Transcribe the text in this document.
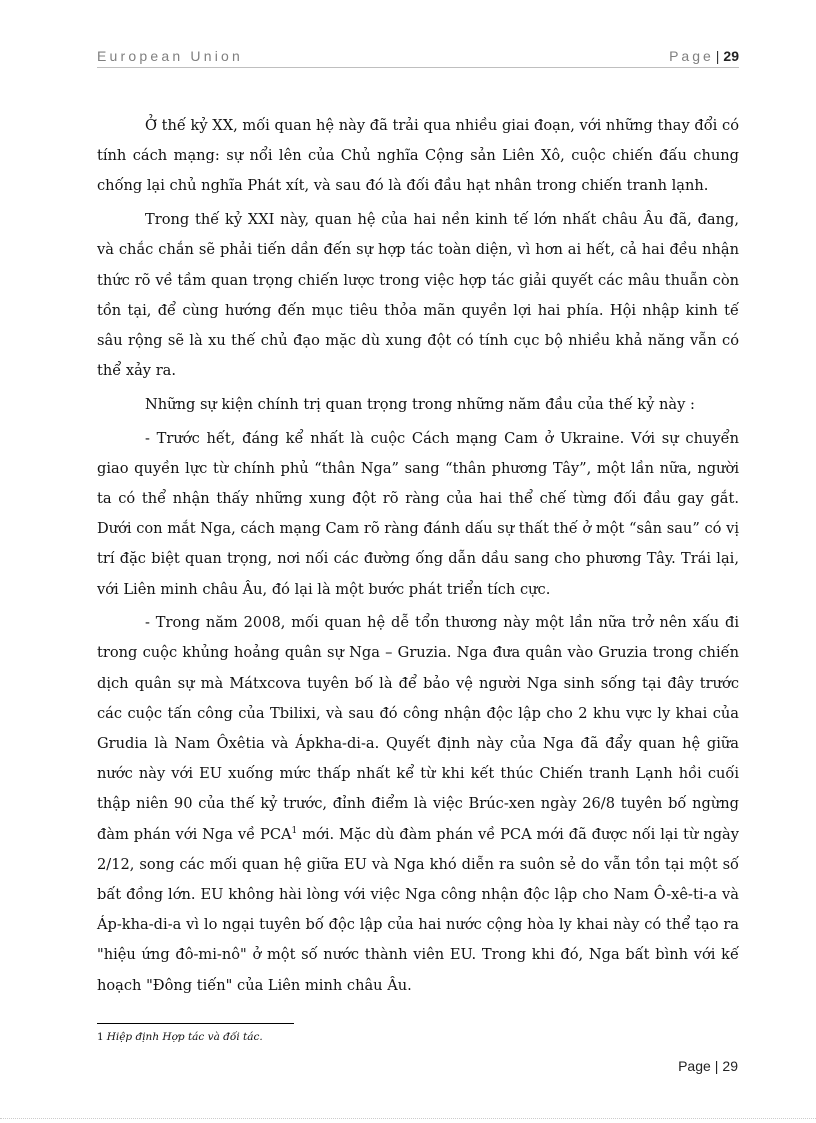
European Union	Page | 29

Ở thế kỷ XX, mối quan hệ này đã trải qua nhiều giai đoạn, với những thay đổi có tính cách mạng: sự nổi lên của Chủ nghĩa Cộng sản Liên Xô, cuộc chiến đấu chung chống lại chủ nghĩa Phát xít, và sau đó là đối đầu hạt nhân trong chiến tranh lạnh.

Trong thế kỷ XXI này, quan hệ của hai nền kinh tế lớn nhất châu Âu đã, đang, và chắc chắn sẽ phải tiến dần đến sự hợp tác toàn diện, vì hơn ai hết, cả hai đều nhận thức rõ về tầm quan trọng chiến lược trong việc hợp tác giải quyết các mâu thuẫn còn tồn tại, để cùng hướng đến mục tiêu thỏa mãn quyền lợi hai phía. Hội nhập kinh tế sâu rộng sẽ là xu thế chủ đạo mặc dù xung đột có tính cục bộ nhiều khả năng vẫn có thể xảy ra.

Những sự kiện chính trị quan trọng trong những năm đầu của thế kỷ này :

- Trước hết, đáng kể nhất là cuộc Cách mạng Cam ở Ukraine. Với sự chuyển giao quyền lực từ chính phủ “thân Nga” sang “thân phương Tây”, một lần nữa, người ta có thể nhận thấy những xung đột rõ ràng của hai thể chế từng đối đầu gay gắt. Dưới con mắt Nga, cách mạng Cam rõ ràng đánh dấu sự thất thế ở một “sân sau” có vị trí đặc biệt quan trọng, nơi nối các đường ống dẫn dầu sang cho phương Tây. Trái lại, với Liên minh châu Âu, đó lại là một bước phát triển tích cực.

- Trong năm 2008, mối quan hệ dễ tổn thương này một lần nữa trở nên xấu đi trong cuộc khủng hoảng quân sự Nga – Gruzia. Nga đưa quân vào Gruzia trong chiến dịch quân sự mà Mátxcova tuyên bố là để bảo vệ người Nga sinh sống tại đây trước các cuộc tấn công của Tbilixi, và sau đó công nhận độc lập cho 2 khu vực ly khai của Grudia là Nam Ôxêtia và Ápkha-di-a. Quyết định này của Nga đã đẩy quan hệ giữa nước này với EU xuống mức thấp nhất kể từ khi kết thúc Chiến tranh Lạnh hồi cuối thập niên 90 của thế kỷ trước, đỉnh điểm là việc Brúc-xen ngày 26/8 tuyên bố ngừng đàm phán với Nga về PCA$^1$ mới. Mặc dù đàm phán về PCA mới đã được nối lại từ ngày 2/12, song các mối quan hệ giữa EU và Nga khó diễn ra suôn sẻ do vẫn tồn tại một số bất đồng lớn. EU không hài lòng với việc Nga công nhận độc lập cho Nam Ô-xê-ti-a và Áp-kha-di-a vì lo ngại tuyên bố độc lập của hai nước cộng hòa ly khai này có thể tạo ra "hiệu ứng đô-mi-nô" ở một số nước thành viên EU. Trong khi đó, Nga bất bình với kế hoạch "Đông tiến" của Liên minh châu Âu.

1 Hiệp định Hợp tác và đối tác.
Page | 29
